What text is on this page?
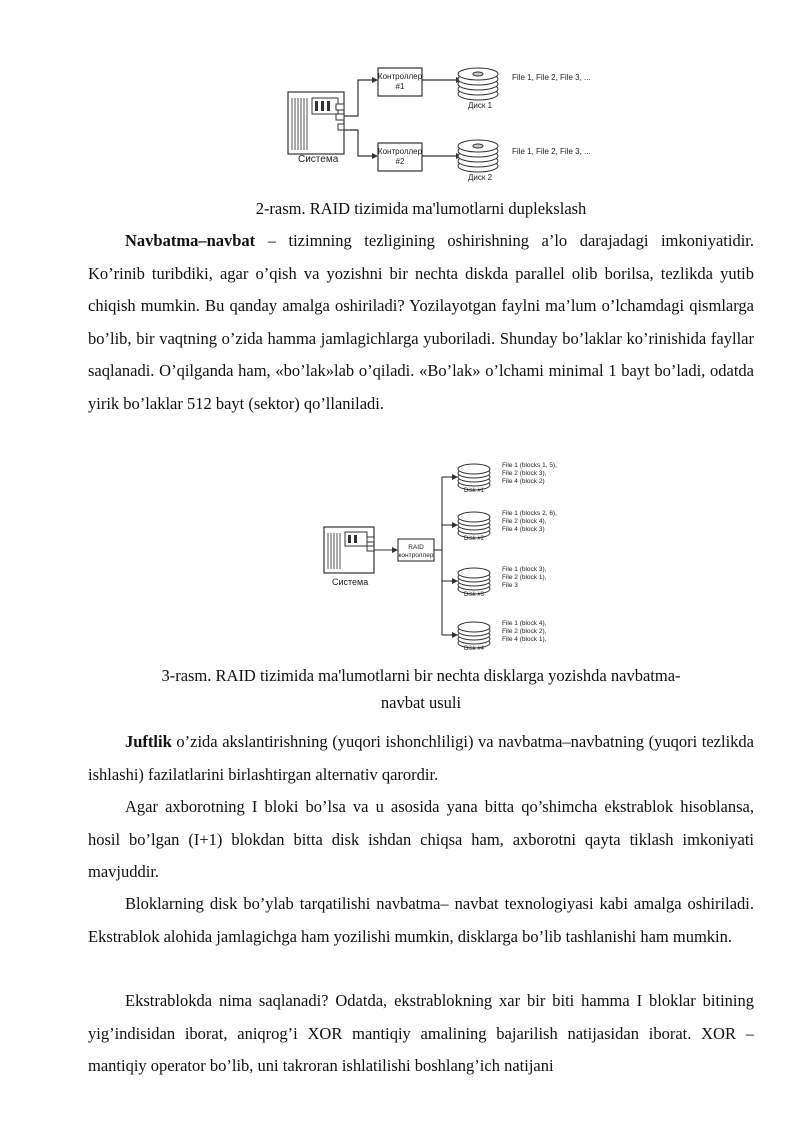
Система
Контроллер
#1
Контроллер
#2
Диск 1
File 1, File 2, File 3, ...
Диск 2
File 1, File 2, File 3, ...
2-rasm. RAID tizimida ma'lumotlarni duplekslash

Navbatma–navbat – tizimning tezligining oshirishning a’lo darajadagi imkoniyatidir. Ko’rinib turibdiki, agar o’qish va yozishni bir nechta diskda parallel olib borilsa, tezlikda yutib chiqish mumkin. Bu qanday amalga oshiriladi? Yozilayotgan faylni ma’lum o’lchamdagi qismlarga bo’lib, bir vaqtning o’zida hamma jamlagichlarga yuboriladi. Shunday bo’laklar ko’rinishida fayllar saqlanadi. O’qilganda ham, «bo’lak»lab o’qiladi. «Bo’lak» o’lchami minimal 1 bayt bo’ladi, odatda yirik bo’laklar 512 bayt (sektor) qo’llaniladi.

Система
RAID
контроллер
Disk #1
File 1 (blocks 1, 5),
File 2 (block 3),
File 4 (block 2)
Disk #2
File 1 (blocks 2, 6),
File 2 (block 4),
File 4 (block 3)
Disk #3
File 1 (block 3),
File 2 (block 1),
File 3
Disk #4
File 1 (block 4),
File 2 (block 2),
File 4 (block 1),
3-rasm. RAID tizimida ma'lumotlarni bir nechta disklarga yozishda navbatma-
navbat usuli

Juftlik o’zida akslantirishning (yuqori ishonchliligi) va navbatma–navbatning (yuqori tezlikda ishlashi) fazilatlarini birlashtirgan alternativ qarordir.

Agar axborotning I bloki bo’lsa va u asosida yana bitta qo’shimcha ekstrablok hisoblansa, hosil bo’lgan (I+1) blokdan bitta disk ishdan chiqsa ham, axborotni qayta tiklash imkoniyati mavjuddir.

Bloklarning disk bo’ylab tarqatilishi navbatma– navbat texnologiyasi kabi amalga oshiriladi. Ekstrablok alohida jamlagichga ham yozilishi mumkin, disklarga bo’lib tashlanishi ham mumkin.

Ekstrablokda nima saqlanadi? Odatda, ekstrablokning xar bir biti hamma I bloklar bitining yig’indisidan iborat, aniqrog’i XOR mantiqiy amalining bajarilish natijasidan iborat. XOR – mantiqiy operator bo’lib, uni takroran ishlatilishi boshlang’ich natijani
